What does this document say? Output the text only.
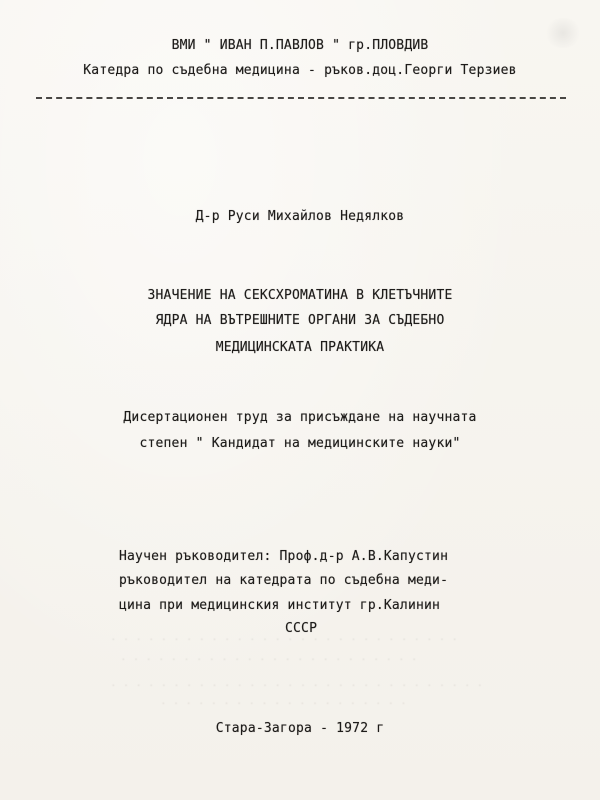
ВМИ " ИВАН П.ПАВЛОВ " гр.ПЛОВДИВ
Катедра по съдебна медицина - ръков.доц.Георги Терзиев
Д-р Руси Михайлов Недялков
ЗНАЧЕНИЕ НА СЕКСХРОМАТИНА В КЛЕТЪЧНИТЕ
ЯДРА НА ВЪТРЕШНИТЕ ОРГАНИ ЗА СЪДЕБНО
МЕДИЦИНСКАТА ПРАКТИКА
Дисертационен труд за присъждане на научната
степен " Кандидат на медицинските науки"
Научен ръководител: Проф.д-р А.В.Капустин
ръководител на катедрата по съдебна меди-
цина при медицинския институт гр.Калинин
СССР
. . . . . . . . . . . . . . . . . . . . . . . . . . . .
. . . . . . . . . . . . . . . . . . . . . . . .
. . . . . . . . . . . . . . . . . . . . . . . . . . . . . .
. . . . . . . . . . . . . . . . . . . .
Стара-Загора - 1972 г
